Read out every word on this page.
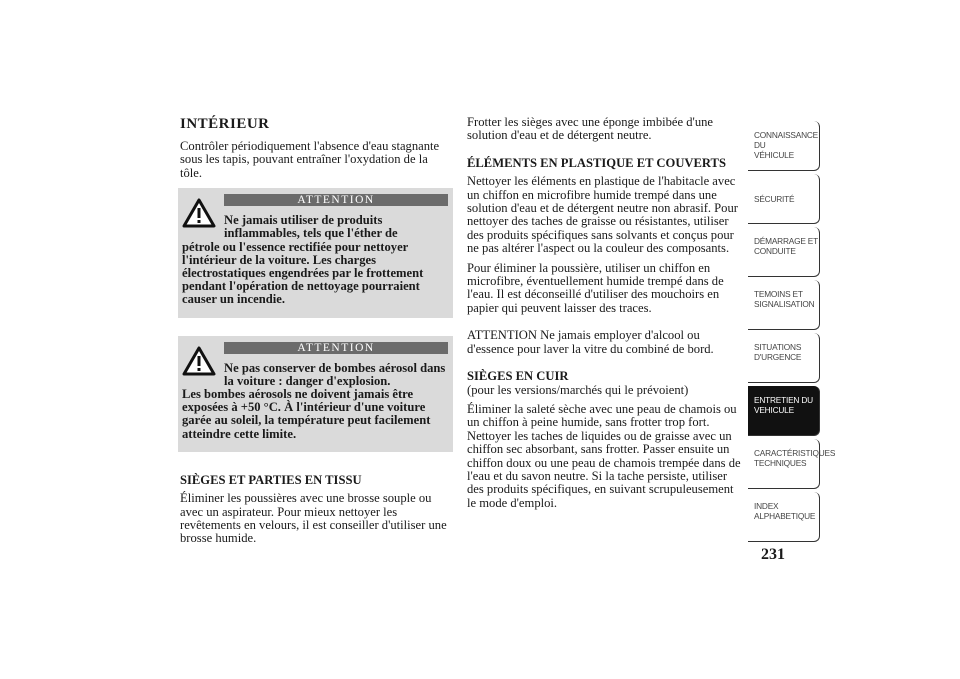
INTÉRIEUR

Contrôler périodiquement l'absence d'eau stagnante sous les tapis, pouvant entraîner l'oxydation de la tôle.

ATTENTION
Ne jamais utiliser de produits inflammables, tels que l'éther de
pétrole ou l'essence rectifiée pour nettoyer l'intérieur de la voiture. Les charges électrostatiques engendrées par le frottement pendant l'opération de nettoyage pourraient causer un incendie.
ATTENTION
Ne pas conserver de bombes aérosol dans la voiture : danger d'explosion.
Les bombes aérosols ne doivent jamais être exposées à +50 °C. À l'intérieur d'une voiture garée au soleil, la température peut facilement atteindre cette limite.
SIÈGES ET PARTIES EN TISSU

Éliminer les poussières avec une brosse souple ou avec un aspirateur. Pour mieux nettoyer les revêtements en velours, il est conseiller d'utiliser une brosse humide.

Frotter les sièges avec une éponge imbibée d'une solution d'eau et de détergent neutre.

ÉLÉMENTS EN PLASTIQUE ET COUVERTS

Nettoyer les éléments en plastique de l'habitacle avec un chiffon en microfibre humide trempé dans une solution d'eau et de détergent neutre non abrasif. Pour nettoyer des taches de graisse ou résistantes, utiliser des produits spécifiques sans solvants et conçus pour ne pas altérer l'aspect ou la couleur des composants.

Pour éliminer la poussière, utiliser un chiffon en microfibre, éventuellement humide trempé dans de l'eau. Il est déconseillé d'utiliser des mouchoirs en papier qui peuvent laisser des traces.

ATTENTION Ne jamais employer d'alcool ou d'essence pour laver la vitre du combiné de bord.

SIÈGES EN CUIR

(pour les versions/marchés qui le prévoient)

Éliminer la saleté sèche avec une peau de chamois ou un chiffon à peine humide, sans frotter trop fort. Nettoyer les taches de liquides ou de graisse avec un chiffon sec absorbant, sans frotter. Passer ensuite un chiffon doux ou une peau de chamois trempée dans de l'eau et du savon neutre. Si la tache persiste, utiliser des produits spécifiques, en suivant scrupuleusement le mode d'emploi.

CONNAISSANCE DU
VÉHICULE
SÉCURITÉ
DÉMARRAGE ET
CONDUITE
TEMOINS ET
SIGNALISATION
SITUATIONS
D'URGENCE
ENTRETIEN DU
VEHICULE
CARACTÉRISTIQUES
TECHNIQUES
INDEX
ALPHABETIQUE
231
